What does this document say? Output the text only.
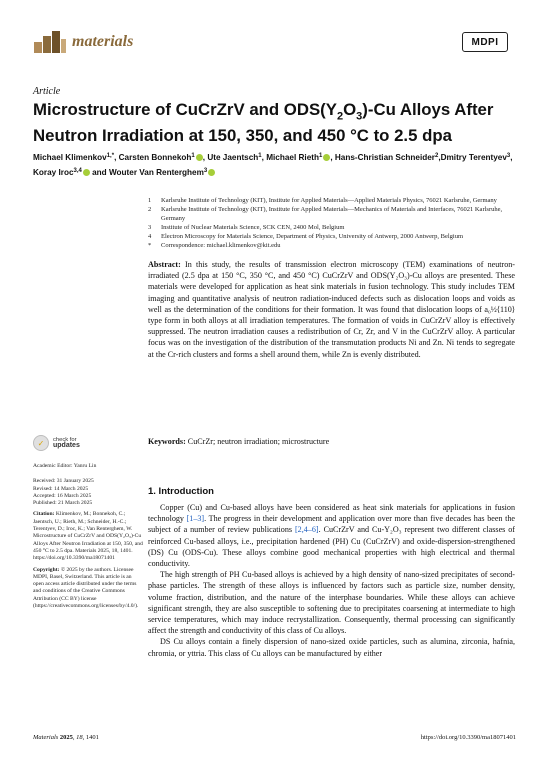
materials	MDPI
Article
Microstructure of CuCrZrV and $ODS(Y_2O_3)-Cu$ Alloys After Neutron Irradiation at 150, 350, and 450 °C to 2.5 dpa
Michael Klimenkov$^{1,*}$, Carsten Bonnekoh$^1$ , Ute Jaentsch$^1$, Michael Rieth$^1$ , Hans-Christian Schneider$^2$,Dmitry Terentyev$^3$, Koray Iroc$^{3,4}$ and Wouter Van Renterghem$^3$
1	Karlsruhe Institute of Technology (KIT), Institute for Applied Materials—Applied Materials Physics, 76021 Karlsruhe, Germany
2	Karlsruhe Institute of Technology (KIT), Institute for Applied Materials—Mechanics of Materials and Interfaces, 76021 Karlsruhe, Germany
3	Institute of Nuclear Materials Science, SCK CEN, 2400 Mol, Belgium
4	Electron Microscopy for Materials Science, Department of Physics, University of Antwerp, 2000 Antwerp, Belgium
*	Correspondence: michael.klimenkov@kit.edu
Abstract: In this study, the results of transmission electron microscopy (TEM) examinations of neutron-irradiated (2.5 dpa at 150 °C, 350 °C, and 450 °C) CuCrZrV and ODS(Y₂O₃)-Cu alloys are presented. These materials were developed for application as heat sink materials in fusion technology. This study includes TEM imaging and quantitative analysis of neutron radiation-induced defects such as dislocation loops and voids as well as the determination of the conditions for their formation. It was found that dislocation loops of a₀½⟨110⟩ type form in both alloys at all irradiation temperatures. The formation of voids in CuCrZrV alloy is effectively suppressed. The neutron irradiation causes a redistribution of Cr, Zr, and V in the CuCrZrV alloy. A particular focus was on the investigation of the distribution of the transmutation products Ni and Zn. Ni tends to segregate at the Cr-rich clusters and forms a shell around them, while Zn is evenly distributed.
Keywords: CuCrZr; neutron irradiation; microstructure
✓	check for
updates

Academic Editor: Yanru Lin

Received: 31 January 2025
Revised: 14 March 2025
Accepted: 16 March 2025
Published: 21 March 2025

Citation: Klimenkov, M.; Bonnekoh, C.; Jaentsch, U.; Rieth, M.; Schneider, H.-C.; Terentyev, D.; Iroc, K.; Van Renterghem, W. Microstructure of CuCrZrV and ODS(Y₂O₃)-Cu Alloys After Neutron Irradiation at 150, 350, and 450 °C to 2.5 dpa. Materials 2025, 18, 1401. https://doi.org/10.3390/ma18071401

Copyright: © 2025 by the authors. Licensee MDPI, Basel, Switzerland. This article is an open access article distributed under the terms and conditions of the Creative Commons Attribution (CC BY) license (https://creativecommons.org/licenses/by/4.0/).

1. Introduction

Copper (Cu) and Cu-based alloys have been considered as heat sink materials for applications in fusion technology [1–3]. The progress in their development and application over more than five decades has been the subject of a number of review publications [2,4–6]. CuCrZrV and Cu-Y₂O₃ represent two different classes of reinforced Cu-based alloys, i.e., precipitation hardened (PH) Cu (CuCrZrV) and oxide-dispersion-strengthened (DS) Cu (ODS-Cu). These alloys combine good mechanical properties with high electrical and thermal conductivity.

The high strength of PH Cu-based alloys is achieved by a high density of nano-sized precipitates of second-phase particles. The strength of these alloys is influenced by factors such as particle size, number density, volume fraction, distribution, and the nature of the interphase boundaries. While these alloys can achieve significant strength, they are also susceptible to softening due to precipitates coarsening at intermediate to high service temperatures, which may induce recrystallization. Consequently, thermal processing can significantly affect the strength and conductivity of this class of Cu alloys.

DS Cu alloys contain a finely dispersion of nano-sized oxide particles, such as alumina, zirconia, hafnia, chromia, or yttria. This class of Cu alloys can be manufactured by either

Materials 2025, 18, 1401	https://doi.org/10.3390/ma18071401
